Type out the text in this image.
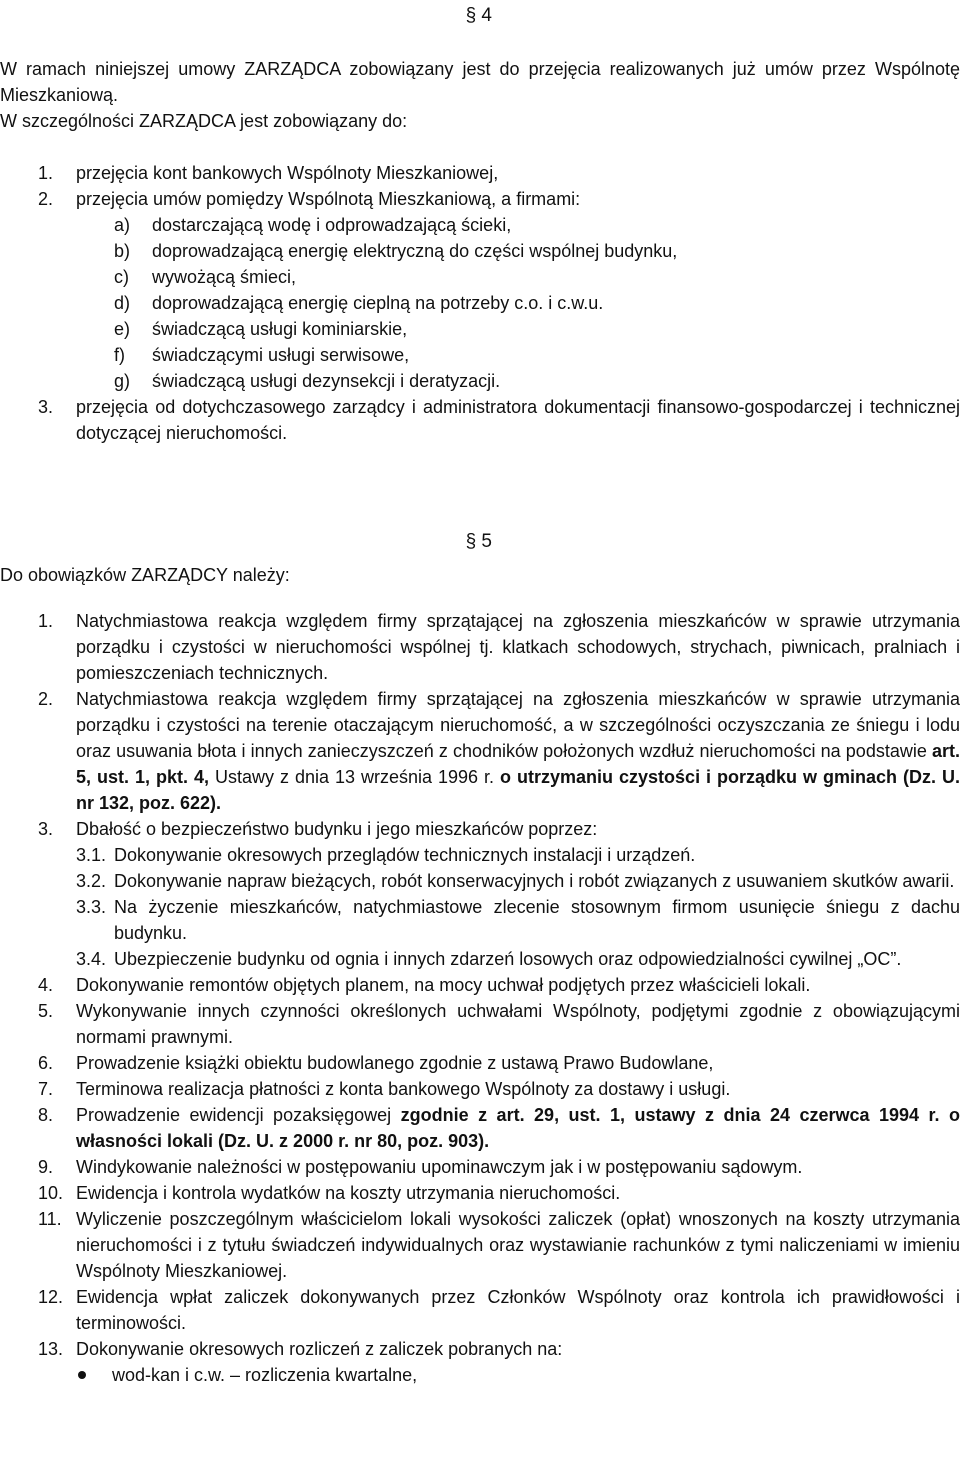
§ 4
W ramach niniejszej umowy ZARZĄDCA zobowiązany jest do przejęcia realizowanych już umów przez Wspólnotę Mieszkaniową.
W szczególności ZARZĄDCA jest zobowiązany do:
1. przejęcia kont bankowych Wspólnoty Mieszkaniowej,
2. przejęcia umów pomiędzy Wspólnotą Mieszkaniową, a firmami:
a) dostarczającą wodę i odprowadzającą ścieki,
b) doprowadzającą energię elektryczną do części wspólnej budynku,
c) wywożącą śmieci,
d) doprowadzającą energię cieplną na potrzeby c.o. i c.w.u.
e) świadczącą usługi kominiarskie,
f) świadczącymi usługi serwisowe,
g) świadczącą usługi dezynsekcji i deratyzacji.
3. przejęcia od dotychczasowego zarządcy i administratora dokumentacji finansowo-gospodarczej i technicznej dotyczącej nieruchomości.
§ 5
Do obowiązków ZARZĄDCY należy:
1. Natychmiastowa reakcja względem firmy sprzątającej na zgłoszenia mieszkańców w sprawie utrzymania porządku i czystości w nieruchomości wspólnej tj. klatkach schodowych, strychach, piwnicach, pralniach i pomieszczeniach technicznych.
2. Natychmiastowa reakcja względem firmy sprzątającej na zgłoszenia mieszkańców w sprawie utrzymania porządku i czystości na terenie otaczającym nieruchomość, a w szczególności oczyszczania ze śniegu i lodu oraz usuwania błota i innych zanieczyszczeń z chodników położonych wzdłuż nieruchomości na podstawie art. 5, ust. 1, pkt. 4, Ustawy z dnia 13 września 1996 r. o utrzymaniu czystości i porządku w gminach (Dz. U. nr 132, poz. 622).
3. Dbałość o bezpieczeństwo budynku i jego mieszkańców poprzez:
3.1. Dokonywanie okresowych przeglądów technicznych instalacji i urządzeń.
3.2. Dokonywanie napraw bieżących, robót konserwacyjnych i robót związanych z usuwaniem skutków awarii.
3.3. Na życzenie mieszkańców, natychmiastowe zlecenie stosownym firmom usunięcie śniegu z dachu budynku.
3.4. Ubezpieczenie budynku od ognia i innych zdarzeń losowych oraz odpowiedzialności cywilnej „OC”.
4. Dokonywanie remontów objętych planem, na mocy uchwał podjętych przez właścicieli lokali.
5. Wykonywanie innych czynności określonych uchwałami Wspólnoty, podjętymi zgodnie z obowiązującymi normami prawnymi.
6. Prowadzenie książki obiektu budowlanego zgodnie z ustawą Prawo Budowlane,
7. Terminowa realizacja płatności z konta bankowego Wspólnoty za dostawy i usługi.
8. Prowadzenie ewidencji pozaksięgowej zgodnie z art. 29, ust. 1, ustawy z dnia 24 czerwca 1994 r. o własności lokali (Dz. U. z 2000 r. nr 80, poz. 903).
9. Windykowanie należności w postępowaniu upominawczym jak i w postępowaniu sądowym.
10. Ewidencja i kontrola wydatków na koszty utrzymania nieruchomości.
11. Wyliczenie poszczególnym właścicielom lokali wysokości zaliczek (opłat) wnoszonych na koszty utrzymania nieruchomości i z tytułu świadczeń indywidualnych oraz wystawianie rachunków z tymi naliczeniami w imieniu Wspólnoty Mieszkaniowej.
12. Ewidencja wpłat zaliczek dokonywanych przez Członków Wspólnoty oraz kontrola ich prawidłowości i terminowości.
13. Dokonywanie okresowych rozliczeń z zaliczek pobranych na:
wod-kan i c.w. – rozliczenia kwartalne,
